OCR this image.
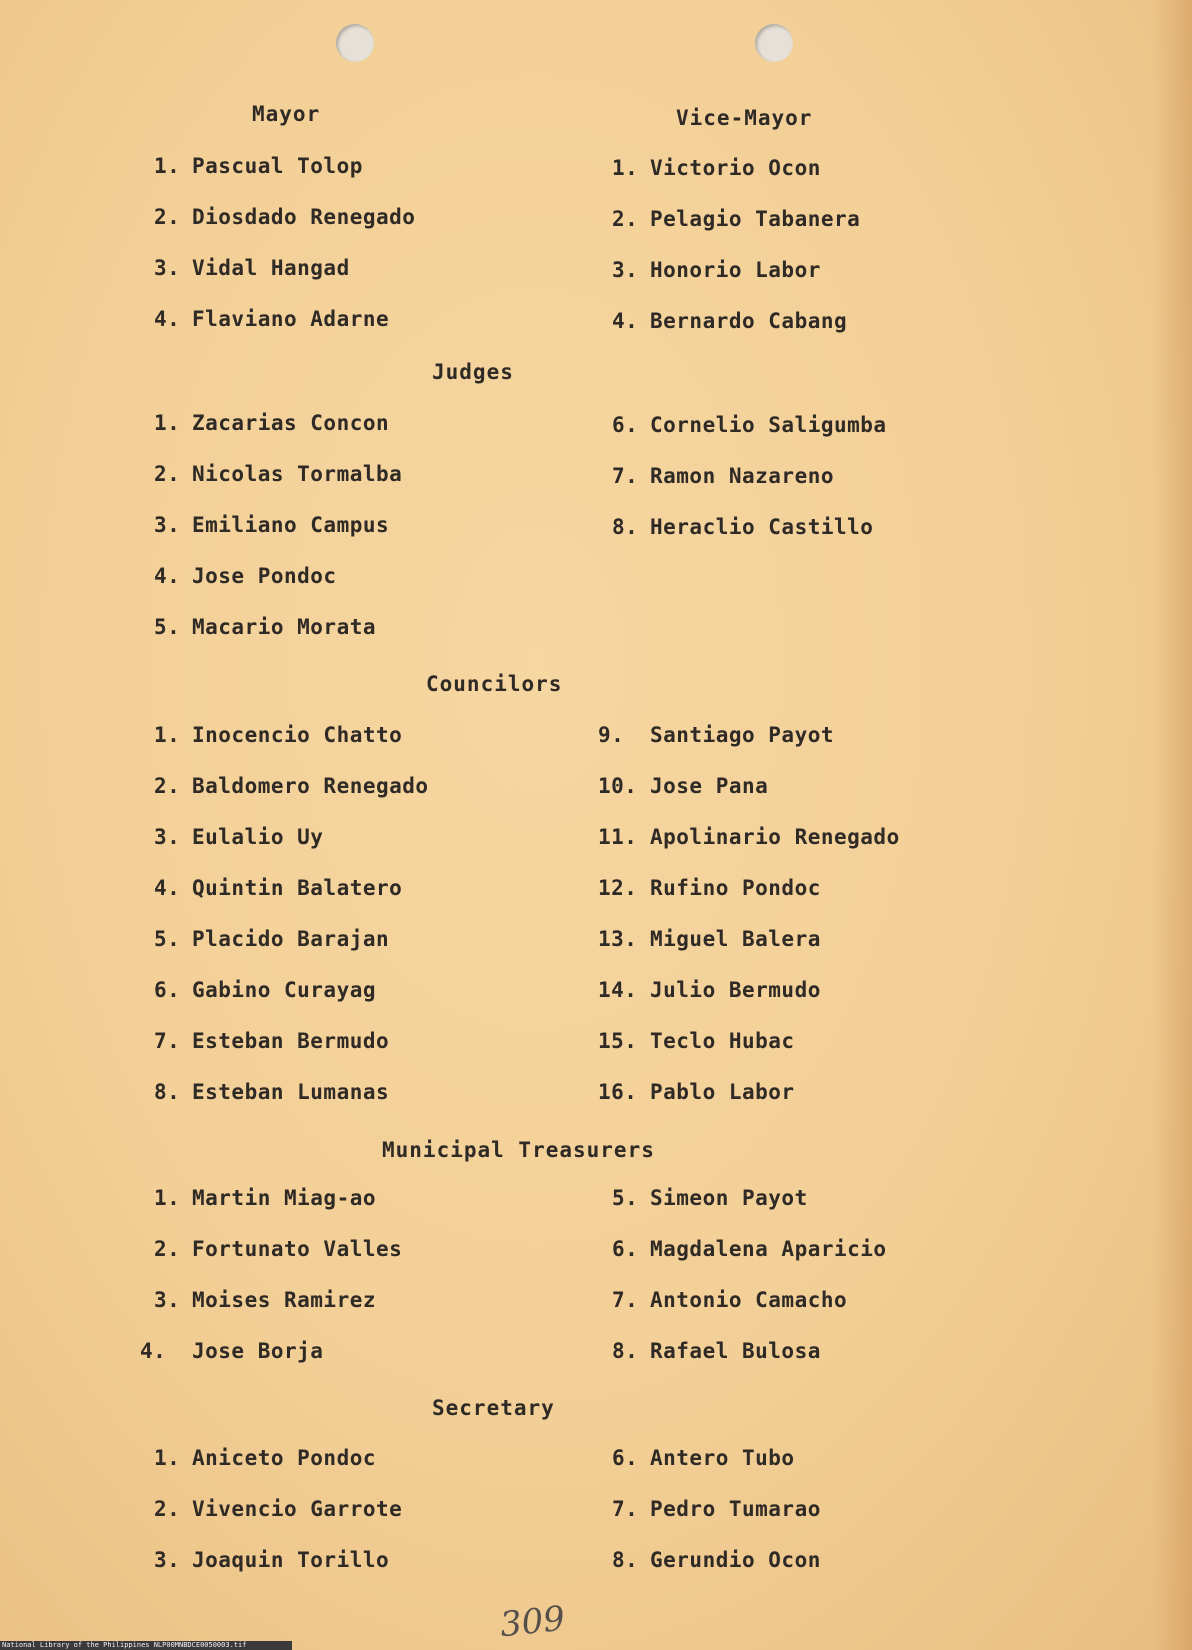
Mayor	Vice-Mayor
Judges
Councilors
Municipal Treasurers
Secretary
1. Pascual Tolop
2. Diosdado Renegado
3. Vidal Hangad
4. Flaviano Adarne
1. Victorio Ocon
2. Pelagio Tabanera
3. Honorio Labor
4. Bernardo Cabang
1. Zacarias Concon
2. Nicolas Tormalba
3. Emiliano Campus
4. Jose Pondoc
5. Macario Morata
6. Cornelio Saligumba
7. Ramon Nazareno
8. Heraclio Castillo
1. Inocencio Chatto
2. Baldomero Renegado
3. Eulalio Uy
4. Quintin Balatero
5. Placido Barajan
6. Gabino Curayag
7. Esteban Bermudo
8. Esteban Lumanas
9. Santiago Payot
10. Jose Pana
11. Apolinario Renegado
12. Rufino Pondoc
13. Miguel Balera
14. Julio Bermudo
15. Teclo Hubac
16. Pablo Labor
1. Martin Miag-ao
2. Fortunato Valles
3. Moises Ramirez
4. Jose Borja
5. Simeon Payot
6. Magdalena Aparicio
7. Antonio Camacho
8. Rafael Bulosa
1. Aniceto Pondoc
2. Vivencio Garrote
3. Joaquin Torillo
6. Antero Tubo
7. Pedro Tumarao
8. Gerundio Ocon
309
National Library of the Philippines NLP00MNBDCE0050003.tif
